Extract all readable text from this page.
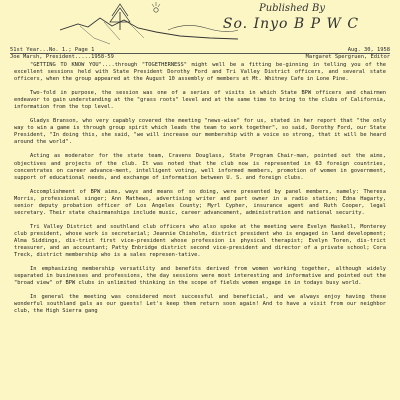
Published By
So. Inyo B P W C
51st Year...No. 1.; Page 1	Aug. 30, 1958
Joe Marsh, President.....1958-59	Margaret Spergruen, Editor

"GETTING TO KNOW YOU"....through "TOGETHERNESS" might well be a fitting be-ginning in telling you of the excellent sessions held with State President Dorothy Ford and Tri Valley District officers, and several state officers, when the group appeared at the August 10 assembly of members at Mt. Whitney Cafe in Lone Pine.

Two-fold in purpose, the session was one of a series of visits in which State BPW officers and chairmen endeavor to gain understanding at the "grass roots" level and at the same time to bring to the clubs of California, information from the top level.

Gladys Branson, who very capably covered the meeting "news-wise" for us, stated in her report that "the only way to win a game is through group spirit which leads the team to work together", so said, Dorothy Ford, our State President, "In doing this, she said, "we will increase our membership with a voice so strong, that it will be heard around the world".

Acting as moderator for the state team, Cravens Douglass, State Program Chair-man, pointed out the aims, objectives and projects of the club. It was noted that the club now is represented in 63 foreign countries, concentrates on career advance-ment, intelligent voting, well informed members, promotion of women in government, support of educational needs, and exchange of information between U. S. and foreign clubs.

Accomplishment of BPW aims, ways and means of so doing, were presented by panel members, namely: Theresa Morris, professional singer; Ann Mathews, advertising writer and part owner in a radio station; Edna Hagarty, senior deputy probation officer of Los Angeles County; Myrl Cypher, insurance agent and Ruth Cooper, legal secretary. Their state chairmanships include music, career advancement, administration and national security.

Tri Valley District and southland club officers who also spoke at the meeting were Evelyn Haskell, Monterey club president, whose work is secretarial; Jeannie Chisholm, district president who is engaged in land development; Alma Siddings, dis-trict first vice-president whose profession is physical therapist; Evelyn Toren, dis-trict treasurer, and an accountant; Patty Enbridge district second vice-president and director of a private school; Cora Treck, district membership who is a sales represen-tative.

In emphasizing membership versatility and benefits derived from women working together, although widely separated in businesses and professions, the day sessions were most interesting and informative and pointed out the "broad view" of BPW clubs in unlimited thinking in the scope of fields women engage in in todays busy world.

In general the meeting was considered most successful and beneficial, and we always enjoy having these wonderful southland gals as our guests! Let's keep them return soon again! And to have a visit from our neighbor club, the High Sierra gang
